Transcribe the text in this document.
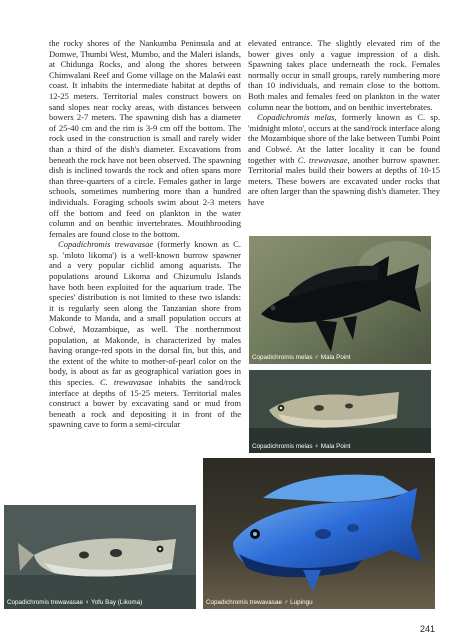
the rocky shores of the Nankumba Peninsula and at Domwe, Thumbi West, Mumbo, and the Maleri islands, at Chidunga Rocks, and along the shores between Chimwalani Reef and Gome village on the Malaŵi east coast. It inhabits the intermediate habitat at depths of 12-25 meters. Territorial males construct bowers on sand slopes near rocky areas, with distances between bowers 2-7 meters. The spawning dish has a diameter of 25-40 cm and the rim is 3-9 cm off the bottom. The rock used in the construction is small and rarely wider than a third of the dish's diameter. Excavations from beneath the rock have not been observed. The spawning dish is inclined towards the rock and often spans more than three-quarters of a circle. Females gather in large schools, sometimes numbering more than a hundred individuals. Foraging schools swim about 2-3 meters off the bottom and feed on plankton in the water column and on benthic invertebrates. Mouthbrooding females are found close to the bottom.

Copadichromis trewavasae (formerly known as C. sp. 'mloto likoma') is a well-known burrow spawner and a very popular cichlid among aquarists. The populations around Likoma and Chizumulu Islands have both been exploited for the aquarium trade. The species' distribution is not limited to these two islands: it is regularly seen along the Tanzanian shore from Makonde to Manda, and a small population occurs at Cobwé, Mozambique, as well. The northernmost population, at Makonde, is characterized by males having orange-red spots in the dorsal fin, but this, and the extent of the white to mother-of-pearl color on the body, is about as far as geographical variation goes in this species. C. trewavasae inhabits the sand/rock interface at depths of 15-25 meters. Territorial males construct a bower by excavating sand or mud from beneath a rock and depositing it in front of the spawning cave to form a semi-circular

elevated entrance. The slightly elevated rim of the bower gives only a vague impression of a dish. Spawning takes place underneath the rock. Females normally occur in small groups, rarely numbering more than 10 individuals, and remain close to the bottom. Both males and females feed on plankton in the water column near the bottom, and on benthic invertebrates.

Copadichromis melas, formerly known as C. sp. 'midnight mloto', occurs at the sand/rock interface along the Mozambique shore of the lake between Tumbi Point and Cobwé. At the latter locality it can be found together with C. trewavasae, another burrow spawner. Territorial males build their bowers at depths of 10-15 meters. These bowers are excavated under rocks that are often larger than the spawning dish's diameter. They have

Copadichromis melas ♂ Mala Point
Copadichromis melas ♀ Mala Point
Copadichromis trewavasae ♀ Yofu Bay (Likoma)	Copadichromis trewavasae ♂ Lupingu
241
